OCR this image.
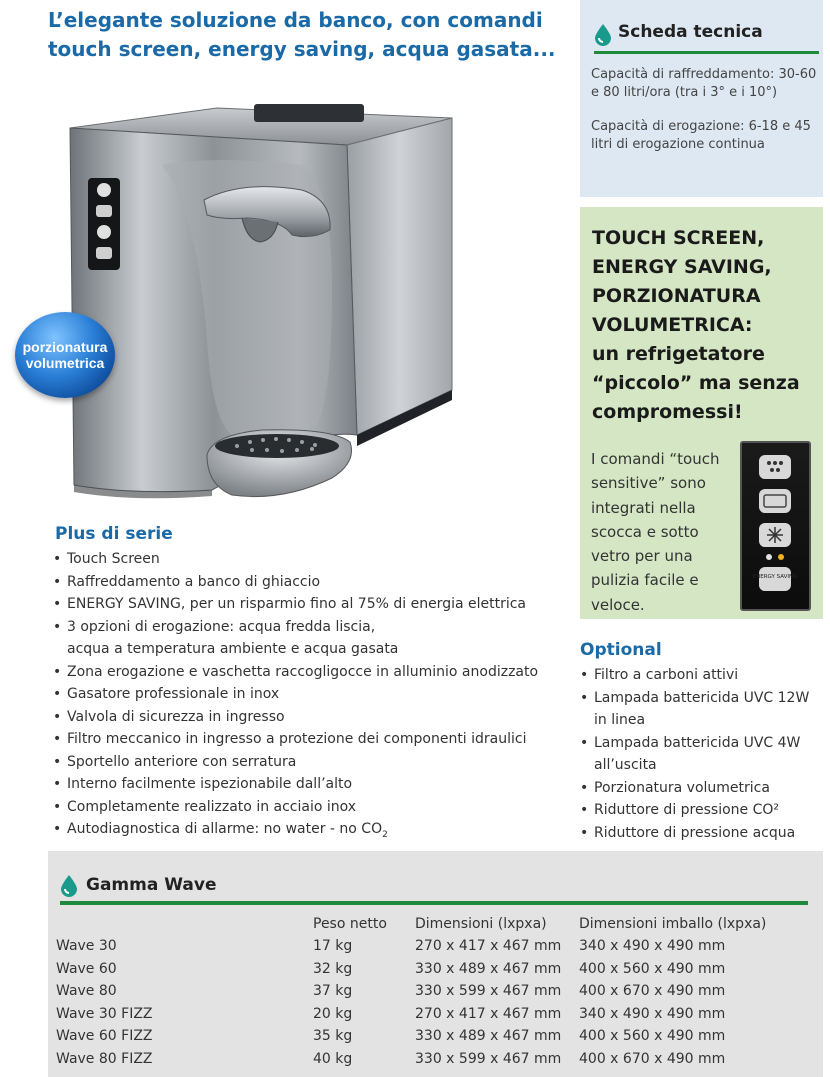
L’elegante soluzione da banco, con comandi
touch screen, energy saving, acqua gasata...
porzionatura
volumetrica
Plus di serie
• Touch Screen
• Raffreddamento a banco di ghiaccio
• ENERGY SAVING, per un risparmio fino al 75% di energia elettrica
• 3 opzioni di erogazione: acqua fredda liscia,
acqua a temperatura ambiente e acqua gasata
• Zona erogazione e vaschetta raccogligocce in alluminio anodizzato
• Gasatore professionale in inox
• Valvola di sicurezza in ingresso
• Filtro meccanico in ingresso a protezione dei componenti idraulici
• Sportello anteriore con serratura
• Interno facilmente ispezionabile dall’alto
• Completamente realizzato in acciaio inox
• Autodiagnostica di allarme: no water - no $CO_2$
Scheda tecnica

Capacità di raffreddamento: 30-60 e 80 litri/ora (tra i 3° e i 10°)

Capacità di erogazione: 6-18 e 45 litri di erogazione continua

TOUCH SCREEN,
ENERGY SAVING,
PORZIONATURA
VOLUMETRICA:
un refrigetatore
“piccolo” ma senza
compromessi!
I comandi “touch sensitive” sono integrati nella scocca e sotto vetro per una pulizia facile e veloce.
ENERGY SAVING
Optional
• Filtro a carboni attivi
• Lampada battericida UVC 12W in linea
• Lampada battericida UVC 4W all’uscita
• Porzionatura volumetrica
• Riduttore di pressione CO²
• Riduttore di pressione acqua
Gamma Wave
	Peso netto	Dimensioni (lxpxa)	Dimensioni imballo (lxpxa)
Wave 30	17 kg	270 x 417 x 467 mm	340 x 490 x 490 mm
Wave 60	32 kg	330 x 489 x 467 mm	400 x 560 x 490 mm
Wave 80	37 kg	330 x 599 x 467 mm	400 x 670 x 490 mm
Wave 30 FIZZ	20 kg	270 x 417 x 467 mm	340 x 490 x 490 mm
Wave 60 FIZZ	35 kg	330 x 489 x 467 mm	400 x 560 x 490 mm
Wave 80 FIZZ	40 kg	330 x 599 x 467 mm	400 x 670 x 490 mm
